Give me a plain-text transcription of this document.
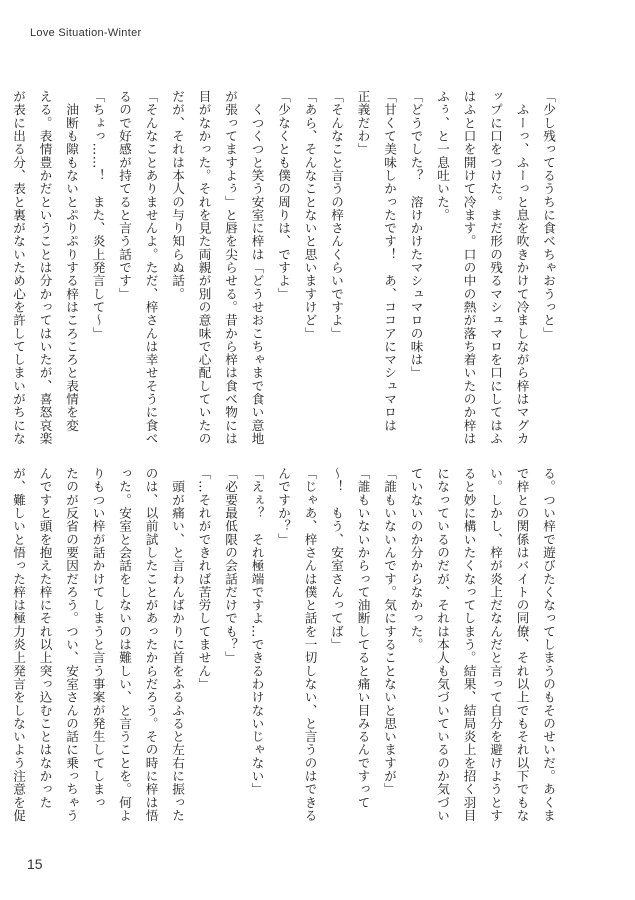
Love Situation-Winter
「少し残ってるうちに食べちゃおうっと」
　ふーっ、ふーっと息を吹きかけて冷ましながら梓はマグカ
ップに口をつけた。まだ形の残るマシュマロを口にしてはふ
はふと口を開けて冷ます。口の中の熱が落ち着いたのか梓は
ふぅ、と一息吐いた。
「どうでした？　溶けかけたマシュマロの味は」
「甘くて美味しかったです！　あ、ココアにマシュマロは
正義だわ」
「そんなこと言うの梓さんくらいですよ」
「あら、そんなことないと思いますけど」
「少なくとも僕の周りは、ですよ」
　くつくつと笑う安室に梓は「どうせおこちゃまで食い意地
が張ってますよぅ」と唇を尖らせる。昔から梓は食べ物には
目がなかった。それを見た両親が別の意味で心配していたの
だが、それは本人の与り知らぬ話。
「そんなことありませんよ。ただ、梓さんは幸せそうに食べ
るので好感が持てると言う話です」
「ちょっ……！　また、炎上発言して～」
　油断も隙もないとぷりぷりする梓はころころと表情を変
える。表情豊かだということは分かってはいたが、喜怒哀楽
が表に出る分、表と裏がないため心を許してしまいがちにな
る。つい梓で遊びたくなってしまうのもそのせいだ。あくま
で梓との関係はバイトの同僚、それ以上でもそれ以下でもな
い。しかし、梓が炎上だなんだと言って自分を避けようとす
ると妙に構いたくなってしまう。結果、結局炎上を招く羽目
になっているのだが、それは本人も気づいているのか気づい
ていないのか分からなかった。
「誰もいないんです。気にすることないと思いますが」
「誰もいないからって油断してると痛い目みるんですって
～！　もう、安室さんってば」
「じゃあ、梓さんは僕と話を一切しない、と言うのはできる
んですか？」
「えぇ？　それ極端ですよ…できるわけないじゃない」
「必要最低限の会話だけでも？」
「…それができれば苦労してません」
　頭が痛い、と言わんばかりに首をふるふると左右に振った
のは、以前試したことがあったからだろう。その時に梓は悟
った。安室と会話をしないのは難しい、と言うことを。何よ
りもつい梓が話かけてしまうと言う事案が発生してしまっ
たのが反省の要因だろう。つい、安室さんの話に乗っちゃう
んですと頭を抱えた梓にそれ以上突っ込むことはなかった
が、難しいと悟った梓は極力炎上発言をしないよう注意を促
15
